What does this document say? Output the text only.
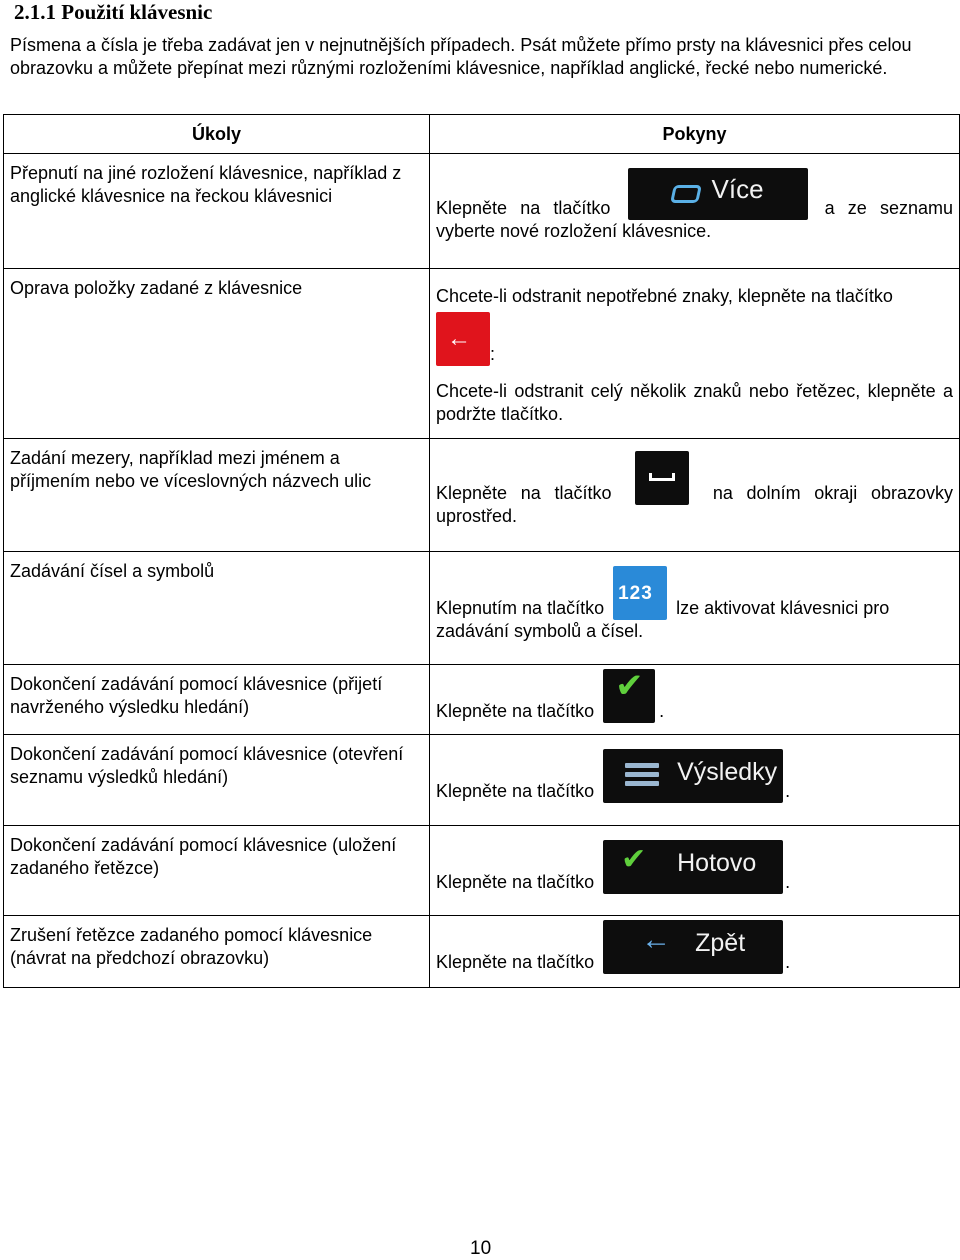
2.1.1 Použití klávesnic
Písmena a čísla je třeba zadávat jen v nejnutnějších případech. Psát můžete přímo prsty na klávesnici přes celou obrazovku a můžete přepínat mezi různými rozloženími klávesnice, například anglické, řecké nebo numerické.
Úkoly	Pokyny
Přepnutí na jiné rozložení klávesnice, například z anglické klávesnice na řeckou klávesnici	Klepněte na tlačítko
Více
a ze seznamu vyberte nové rozložení klávesnice.
Oprava položky zadané z klávesnice	Chcete-li odstranit nepotřebné znaky, klepněte na tlačítko
←
:
Chcete-li odstranit celý několik znaků nebo řetězec, klepněte a podržte tlačítko.

Zadání mezery, například mezi jménem a příjmením nebo ve víceslovných názvech ulic	Klepněte na tlačítko na dolním okraji obrazovky uprostřed.
Zadávání čísel a symbolů	Klepnutím na tlačítko
123
lze aktivovat klávesnici pro zadávání symbolů a čísel.
Dokončení zadávání pomocí klávesnice (přijetí navrženého výsledku hledání)	Klepněte na tlačítko
✔
.
Dokončení zadávání pomocí klávesnice (otevření seznamu výsledků hledání)	Klepněte na tlačítko
Výsledky
.
Dokončení zadávání pomocí klávesnice (uložení zadaného řetězce)	Klepněte na tlačítko
✔ Hotovo
.
Zrušení řetězce zadaného pomocí klávesnice (návrat na předchozí obrazovku)	Klepněte na tlačítko
← Zpět
.
10
